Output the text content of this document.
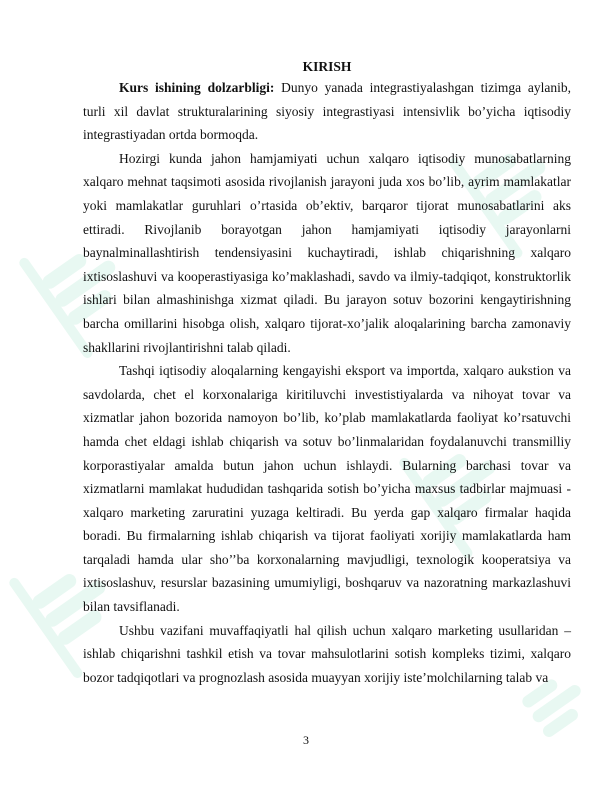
KIRISH

Kurs ishining dolzarbligi: Dunyo yanada integrastiyalashgan tizimga aylanib, turli xil davlat strukturalarining siyosiy integrastiyasi intensivlik bo’yicha iqtisodiy integrastiyadan ortda bormoqda.

Hozirgi kunda jahon hamjamiyati uchun xalqaro iqtisodiy munosabatlarning xalqaro mehnat taqsimoti asosida rivojlanish jarayoni juda xos bo’lib, ayrim mamlakatlar yoki mamlakatlar guruhlari o’rtasida ob’ektiv, barqaror tijorat munosabatlarini aks ettiradi. Rivojlanib borayotgan jahon hamjamiyati iqtisodiy jarayonlarni baynalminallashtirish tendensiyasini kuchaytiradi, ishlab chiqarishning xalqaro ixtisoslashuvi va kooperastiyasiga ko’maklashadi, savdo va ilmiy-tadqiqot, konstruktorlik ishlari bilan almashinishga xizmat qiladi. Bu jarayon sotuv bozorini kengaytirishning barcha omillarini hisobga olish, xalqaro tijorat-xo’jalik aloqalarining barcha zamonaviy shakllarini rivojlantirishni talab qiladi.

Tashqi iqtisodiy aloqalarning kengayishi eksport va importda, xalqaro aukstion va savdolarda, chet el korxonalariga kiritiluvchi investistiyalarda va nihoyat tovar va xizmatlar jahon bozorida namoyon bo’lib, ko’plab mamlakatlarda faoliyat ko’rsatuvchi hamda chet eldagi ishlab chiqarish va sotuv bo’linmalaridan foydalanuvchi transmilliy korporastiyalar amalda butun jahon uchun ishlaydi. Bularning barchasi tovar va xizmatlarni mamlakat hududidan tashqarida sotish bo’yicha maxsus tadbirlar majmuasi - xalqaro marketing zaruratini yuzaga keltiradi. Bu yerda gap xalqaro firmalar haqida boradi. Bu firmalarning ishlab chiqarish va tijorat faoliyati xorijiy mamlakatlarda ham tarqaladi hamda ular sho’’ba korxonalarning mavjudligi, texnologik kooperatsiya va ixtisoslashuv, resurslar bazasining umumiyligi, boshqaruv va nazoratning markazlashuvi bilan tavsiflanadi.

Ushbu vazifani muvaffaqiyatli hal qilish uchun xalqaro marketing usullaridan – ishlab chiqarishni tashkil etish va tovar mahsulotlarini sotish kompleks tizimi, xalqaro bozor tadqiqotlari va prognozlash asosida muayyan xorijiy iste’molchilarning talab va

3
